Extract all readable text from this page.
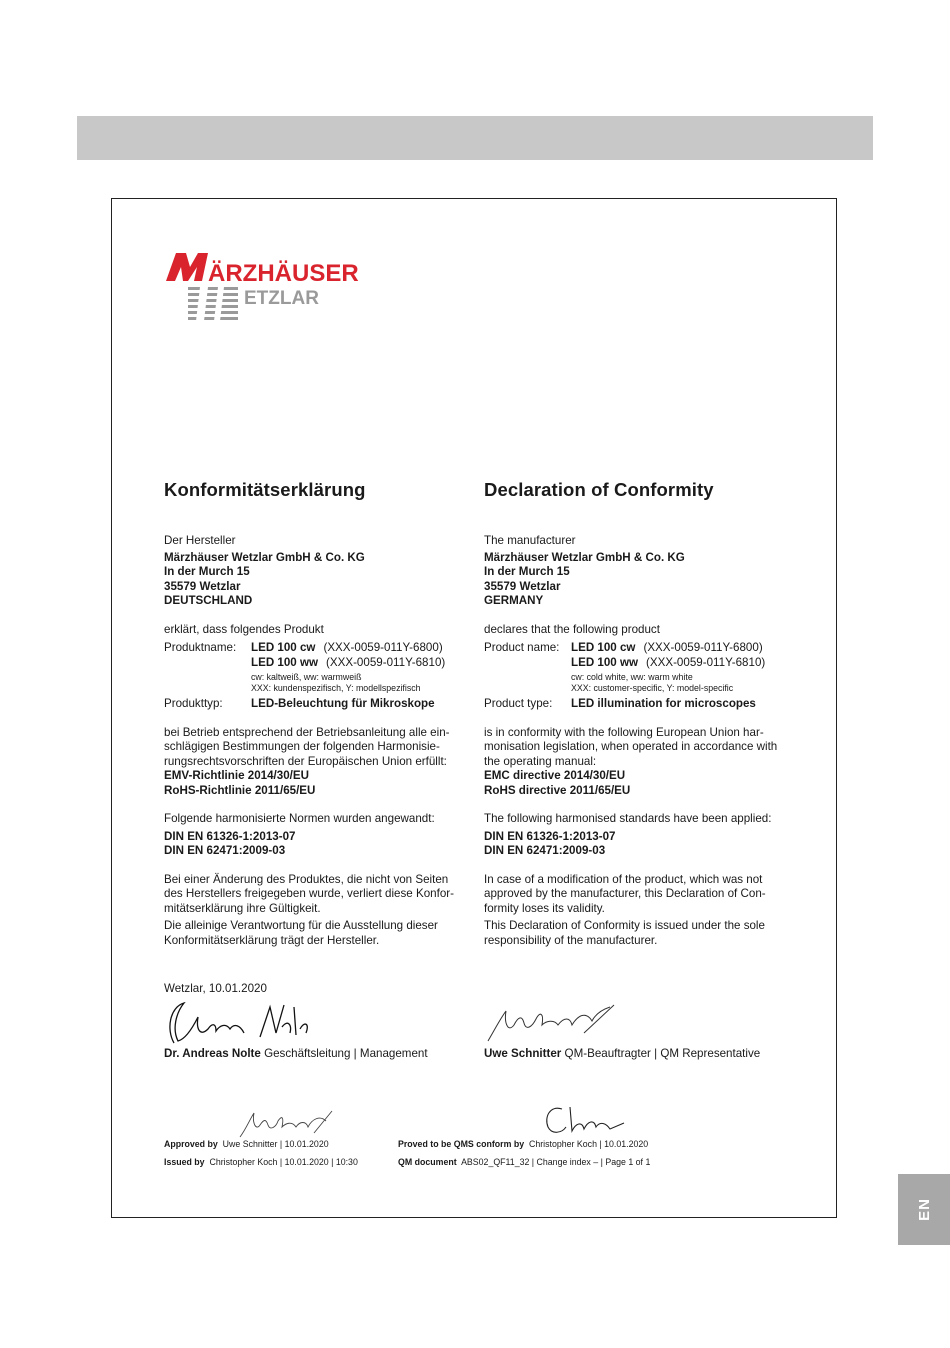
EN
ÄRZHÄUSER
ETZLAR
Konformitätserklärung
Der Hersteller
Märzhäuser Wetzlar GmbH & Co. KG
In der Murch 15
35579 Wetzlar
DEUTSCHLAND
erklärt, dass folgendes Produkt
Produktname:	LED 100 cw (XXX-0059-011Y-6800)
LED 100 ww (XXX-0059-011Y-6810)
cw: kaltweiß, ww: warmweiß
XXX: kundenspezifisch, Y: modellspezifisch
Produkttyp:	LED-Beleuchtung für Mikroskope
bei Betrieb entsprechend der Betriebsanleitung alle ein-
schlägigen Bestimmungen der folgenden Harmonisie-
rungsrechtsvorschriften der Europäischen Union erfüllt:
EMV-Richtlinie 2014/30/EU
RoHS-Richtlinie 2011/65/EU
Folgende harmonisierte Normen wurden angewandt:
DIN EN 61326-1:2013-07
DIN EN 62471:2009-03
Bei einer Änderung des Produktes, die nicht von Seiten
des Herstellers freigegeben wurde, verliert diese Konfor-
mitätserklärung ihre Gültigkeit.
Die alleinige Verantwortung für die Ausstellung dieser
Konformitätserklärung trägt der Hersteller.
Declaration of Conformity
The manufacturer
Märzhäuser Wetzlar GmbH & Co. KG
In der Murch 15
35579 Wetzlar
GERMANY
declares that the following product
Product name: LED 100 cw (XXX-0059-011Y-6800)
LED 100 ww (XXX-0059-011Y-6810)
cw: cold white, ww: warm white
XXX: customer-specific, Y: model-specific
Product type:	LED illumination for microscopes
is in conformity with the following European Union har-
monisation legislation, when operated in accordance with
the operating manual:
EMC directive 2014/30/EU
RoHS directive 2011/65/EU
The following harmonised standards have been applied:
DIN EN 61326-1:2013-07
DIN EN 62471:2009-03
In case of a modification of the product, which was not
approved by the manufacturer, this Declaration of Con-
formity loses its validity.
This Declaration of Conformity is issued under the sole
responsibility of the manufacturer.
Wetzlar, 10.01.2020
Dr. Andreas Nolte Geschäftsleitung | Management	Uwe Schnitter QM-Beauftragter | QM Representative
Approved by Uwe Schnitter | 10.01.2020
Issued by Christopher Koch | 10.01.2020 | 10:30
Proved to be QMS conform by Christopher Koch | 10.01.2020
QM document ABS02_QF11_32 | Change index – | Page 1 of 1
